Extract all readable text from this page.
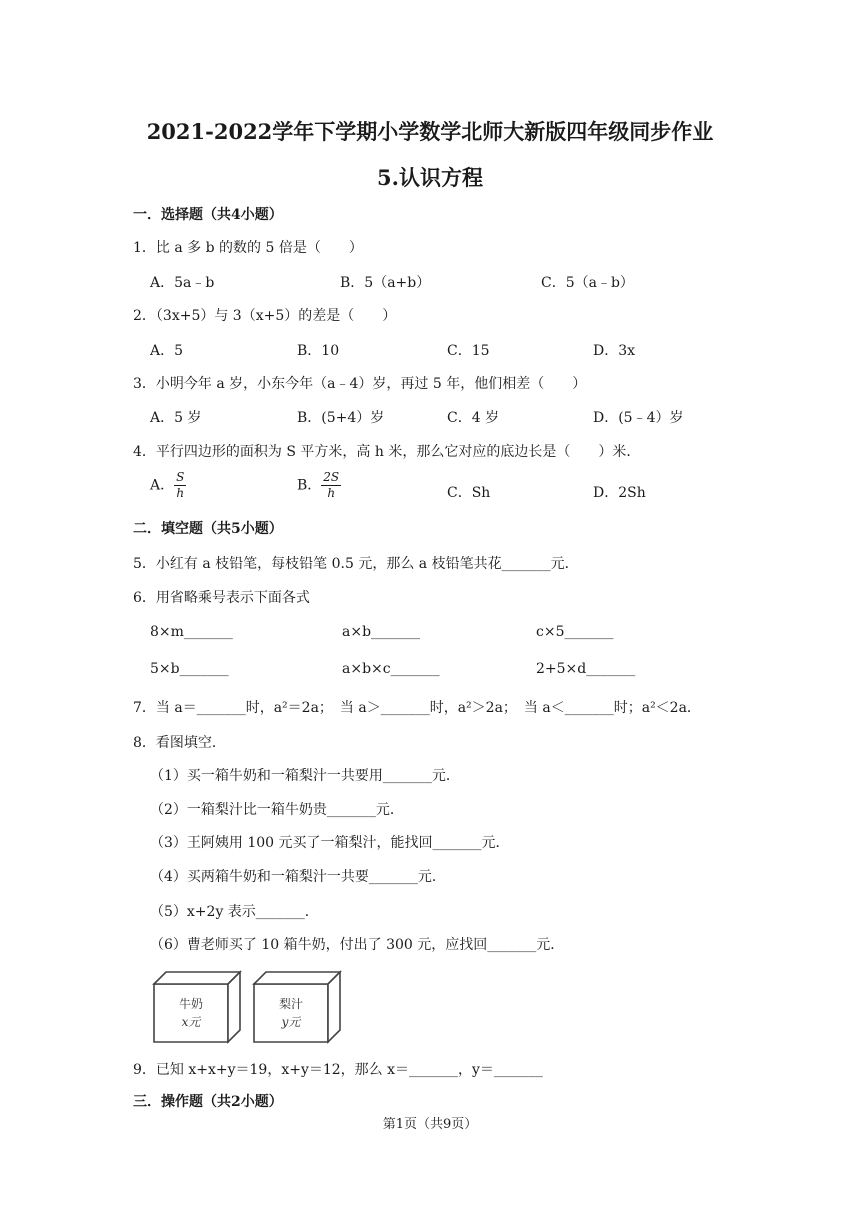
2021-2022学年下学期小学数学北师大新版四年级同步作业
5.认识方程
一．选择题（共4小题）
1．比 a 多 b 的数的 5 倍是（　　）
A．5a﹣b	B．5（a+b）	C．5（a﹣b）
2．（3x+5）与 3（x+5）的差是（　　）
A．5	B．10	C．15	D．3x
3．小明今年 a 岁，小东今年（a﹣4）岁，再过 5 年，他们相差（　　）
A．5 岁	B．(5+4）岁	C．4 岁	D．(5﹣4）岁
4．平行四边形的面积为 S 平方米，高 h 米，那么它对应的底边长是（　　）米．
A． $\frac{S}{h}$	B． $\frac{2S}{h}$	C．Sh	D．2Sh
二．填空题（共5小题）
5．小红有 a 枝铅笔，每枝铅笔 0.5 元，那么 a 枝铅笔共花_______元．
6．用省略乘号表示下面各式
8×m_______	a×b_______	c×5_______
5×b_______	a×b×c_______	2+5×d_______
7．当 a＝_______时，a²＝2a；　当 a＞_______时，a²＞2a；　当 a＜_______时；a²＜2a．
8．看图填空．
（1）买一箱牛奶和一箱梨汁一共要用_______元．
（2）一箱梨汁比一箱牛奶贵_______元．
（3）王阿姨用 100 元买了一箱梨汁，能找回_______元．
（4）买两箱牛奶和一箱梨汁一共要_______元．
（5）x+2y 表示_______．
（6）曹老师买了 10 箱牛奶，付出了 300 元，应找回_______元．
牛奶
x元
梨汁
y元
9．已知 x+x+y＝19，x+y＝12，那么 x＝_______，y＝_______
三．操作题（共2小题）
第1页（共9页）
